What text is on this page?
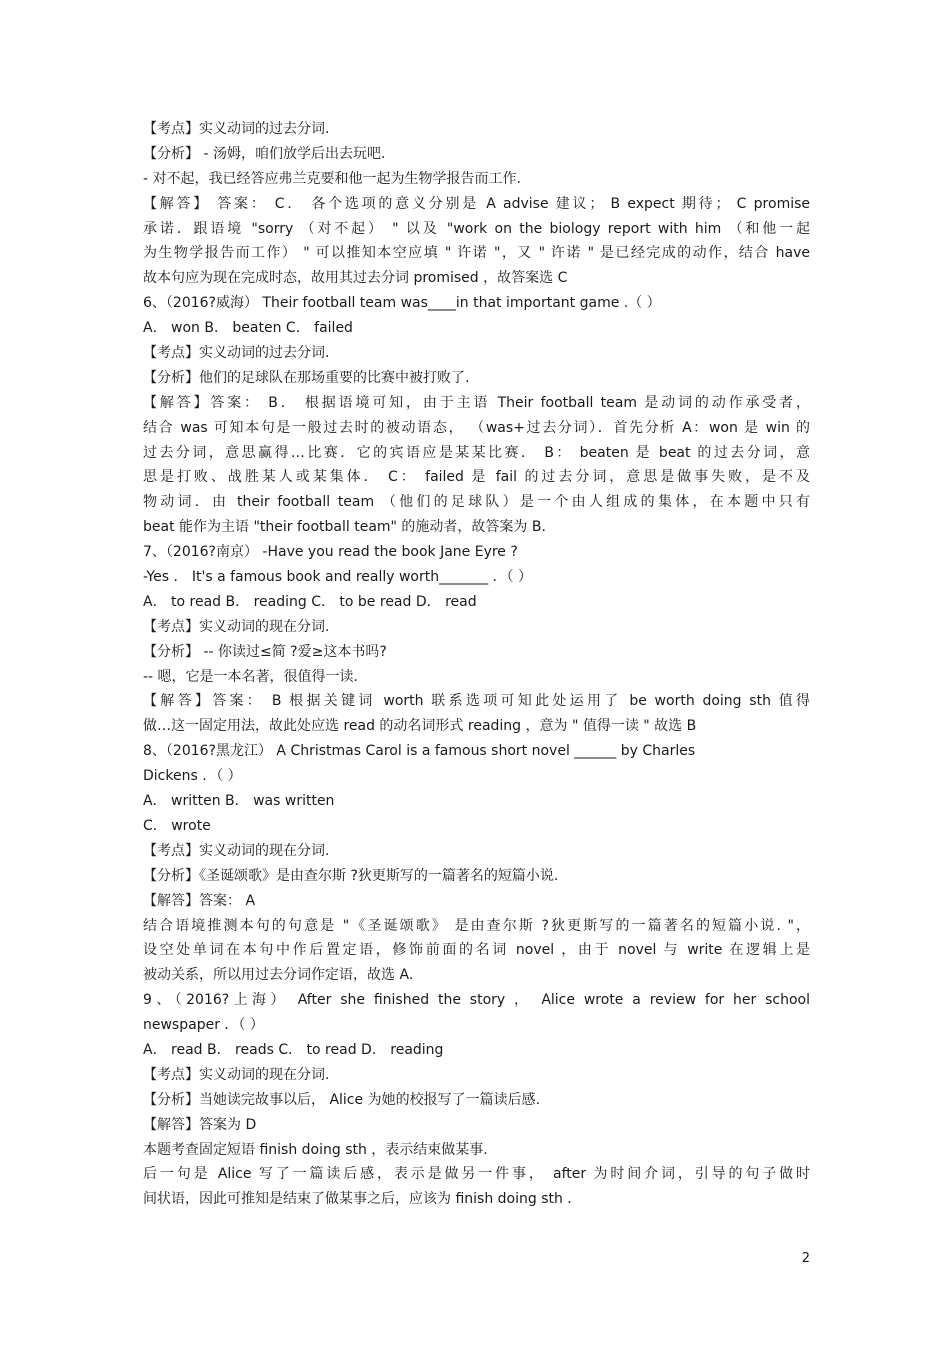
【考点】实义动词的过去分词.
【分析】 - 汤姆，咱们放学后出去玩吧.
- 对不起，我已经答应弗兰克要和他一起为生物学报告而工作.
【解答】 答案： C． 各个选项的意义分别是 A advise 建议； B expect 期待； C promise
承诺．跟语境 "sorry （对不起） " 以及 "work on the biology report with him （和他一起
为生物学报告而工作） " 可以推知本空应填 " 许诺 "，又 " 许诺 " 是已经完成的动作，结合 have
故本句应为现在完成时态，故用其过去分词 promised ，故答案选 C
6、（2016?威海） Their football team was____in that important game .（ ）
A． won B． beaten C． failed
【考点】实义动词的过去分词.
【分析】他们的足球队在那场重要的比赛中被打败了.
【解答】答案： B． 根据语境可知，由于主语 Their football team 是动词的动作承受者，
结合 was 可知本句是一般过去时的被动语态， （was+过去分词）．首先分析 A：won 是 win 的
过去分词，意思赢得…比赛．它的宾语应是某某比赛． B： beaten 是 beat 的过去分词，意
思是打败、战胜某人或某集体． C： failed 是 fail 的过去分词，意思是做事失败，是不及
物动词．由 their football team （他们的足球队）是一个由人组成的集体，在本题中只有
beat 能作为主语 "their football team" 的施动者，故答案为 B．
7、（2016?南京） -Have you read the book Jane Eyre ?
-Yes ． It's a famous book and really worth_______ ．（ ）
A． to read B． reading C． to be read D． read
【考点】实义动词的现在分词.
【分析】 -- 你读过≤简 ?爱≥这本书吗?
-- 嗯，它是一本名著，很值得一读.
【解答】答案： B 根据关键词 worth 联系选项可知此处运用了 be worth doing sth 值得
做…这一固定用法，故此处应选 read 的动名词形式 reading ，意为 " 值得一读 " 故选 B
8、（2016?黑龙江） A Christmas Carol is a famous short novel ______ by Charles
Dickens ．（ ）
A． written B． was written
C． wrote
【考点】实义动词的现在分词.
【分析】《圣诞颂歌》是由查尔斯 ?狄更斯写的一篇著名的短篇小说.
【解答】答案： A
结合语境推测本句的句意是 "《圣诞颂歌》 是由查尔斯 ?狄更斯写的一篇著名的短篇小说. "，
设空处单词在本句中作后置定语，修饰前面的名词 novel ，由于 novel 与 write 在逻辑上是
被动关系，所以用过去分词作定语，故选 A．
9、（2016?上海） After she finished the story ， Alice wrote a review for her school
newspaper ．（ ）
A． read B． reads C． to read D． reading
【考点】实义动词的现在分词.
【分析】当她读完故事以后， Alice 为她的校报写了一篇读后感.
【解答】答案为 D
本题考查固定短语 finish doing sth ，表示结束做某事.
后一句是 Alice 写了一篇读后感，表示是做另一件事， after 为时间介词，引导的句子做时
间状语，因此可推知是结束了做某事之后，应该为 finish doing sth ．
2
